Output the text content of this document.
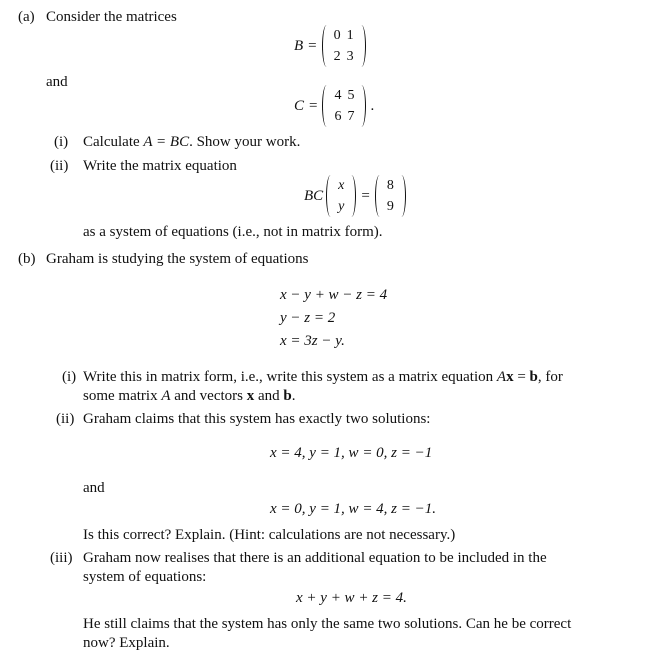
(a) Consider the matrices
B =
0	1
2	3
and
C =
4	5
6	7
.
(i) Calculate A = BC. Show your work.
(ii) Write the matrix equation
BC
x
y
=
8
9
as a system of equations (i.e., not in matrix form).
(b) Graham is studying the system of equations
x − y + w − z = 4
y − z = 2
x = 3z − y.
(i) Write this in matrix form, i.e., write this system as a matrix equation Ax = b, for
some matrix A and vectors x and b.
(ii) Graham claims that this system has exactly two solutions:
x = 4, y = 1, w = 0, z = −1
and
x = 0, y = 1, w = 4, z = −1.
Is this correct? Explain. (Hint: calculations are not necessary.)
(iii) Graham now realises that there is an additional equation to be included in the
system of equations:
x + y + w + z = 4.
He still claims that the system has only the same two solutions. Can he be correct
now? Explain.
